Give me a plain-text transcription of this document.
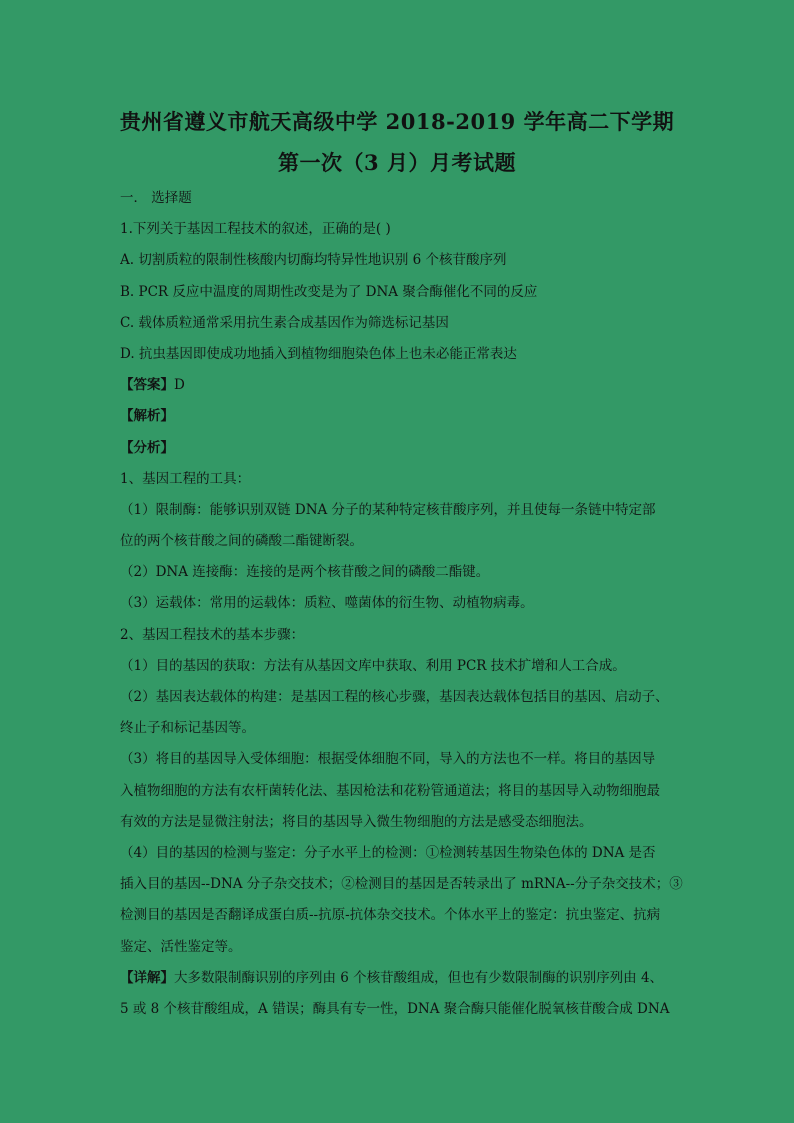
贵州省遵义市航天高级中学 2018-2019 学年高二下学期
第一次（3 月）月考试题
一． 选择题
1.下列关于基因工程技术的叙述，正确的是( )
A. 切割质粒的限制性核酸内切酶均特异性地识别 6 个核苷酸序列
B. PCR 反应中温度的周期性改变是为了 DNA 聚合酶催化不同的反应
C. 载体质粒通常采用抗生素合成基因作为筛选标记基因
D. 抗虫基因即使成功地插入到植物细胞染色体上也未必能正常表达
【答案】D
【解析】
【分析】
1、基因工程的工具：
（1）限制酶：能够识别双链 DNA 分子的某种特定核苷酸序列，并且使每一条链中特定部
位的两个核苷酸之间的磷酸二酯键断裂。
（2）DNA 连接酶：连接的是两个核苷酸之间的磷酸二酯键。
（3）运载体：常用的运载体：质粒、噬菌体的衍生物、动植物病毒。
2、基因工程技术的基本步骤：
（1）目的基因的获取：方法有从基因文库中获取、利用 PCR 技术扩增和人工合成。
（2）基因表达载体的构建：是基因工程的核心步骤，基因表达载体包括目的基因、启动子、
终止子和标记基因等。
（3）将目的基因导入受体细胞：根据受体细胞不同，导入的方法也不一样。将目的基因导
入植物细胞的方法有农杆菌转化法、基因枪法和花粉管通道法；将目的基因导入动物细胞最
有效的方法是显微注射法；将目的基因导入微生物细胞的方法是感受态细胞法。
（4）目的基因的检测与鉴定：分子水平上的检测：①检测转基因生物染色体的 DNA 是否
插入目的基因--DNA 分子杂交技术；②检测目的基因是否转录出了 mRNA--分子杂交技术；③
检测目的基因是否翻译成蛋白质--抗原-抗体杂交技术。个体水平上的鉴定：抗虫鉴定、抗病
鉴定、活性鉴定等。
【详解】大多数限制酶识别的序列由 6 个核苷酸组成，但也有少数限制酶的识别序列由 4、
5 或 8 个核苷酸组成，A 错误；酶具有专一性，DNA 聚合酶只能催化脱氧核苷酸合成 DNA
